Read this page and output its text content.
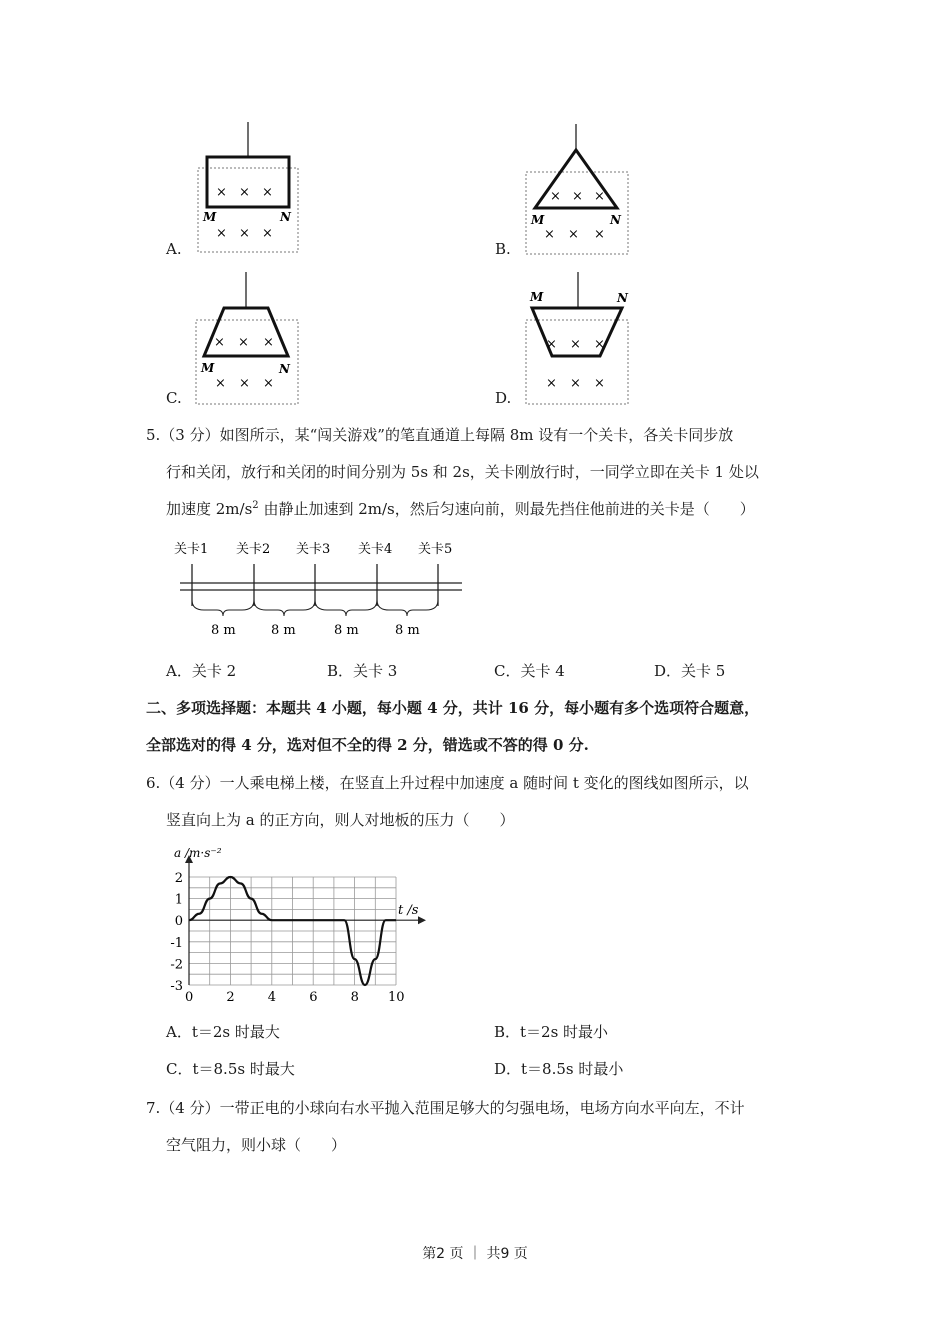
A.
× × ×
M	N
× × ×
B.
× × ×
M	N
× × ×
C.
× × ×
M	N
× × ×
D.
M	N
× × ×
× × ×
5.（3 分）如图所示，某“闯关游戏”的笔直通道上每隔 8m 设有一个关卡，各关卡同步放
行和关闭，放行和关闭的时间分别为 5s 和 2s，关卡刚放行时，一同学立即在关卡 1 处以
加速度 $2m/s^2$ 由静止加速到 2m/s，然后匀速向前，则最先挡住他前进的关卡是（　　）
关卡1 关卡2 关卡3 关卡4 关卡5
8 m	8 m	8 m	8 m
A．关卡 2	B．关卡 3	C．关卡 4	D．关卡 5
二、多项选择题：本题共 4 小题，每小题 4 分，共计 16 分，每小题有多个选项符合题意，
全部选对的得 4 分，选对但不全的得 2 分，错选或不答的得 0 分.
6.（4 分）一人乘电梯上楼，在竖直上升过程中加速度 a 随时间 t 变化的图线如图所示，以
竖直向上为 a 的正方向，则人对地板的压力（　　）
0	2	4	6	8 10
2
1
0
-1
-2
-3
a /m·s⁻²
t /s
A．t＝2s 时最大	B．t＝2s 时最小
C．t＝8.5s 时最大	D．t＝8.5s 时最小
7.（4 分）一带正电的小球向右水平抛入范围足够大的匀强电场，电场方向水平向左，不计
空气阻力，则小球（　　）
第2 页 ｜ 共9 页
